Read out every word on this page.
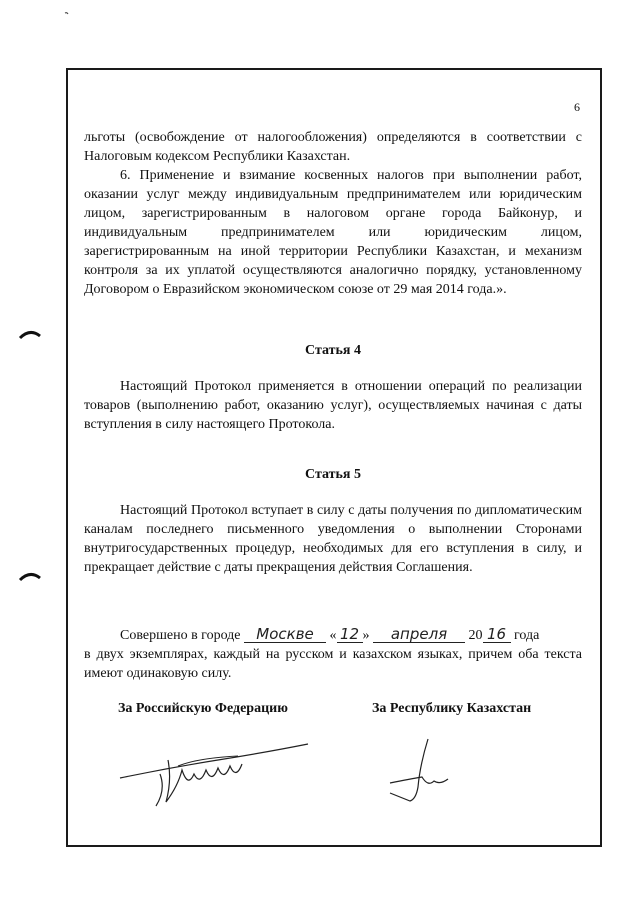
6
льготы (освобождение от налогообложения) определяются в соответствии с Налоговым кодексом Республики Казахстан.
6. Применение и взимание косвенных налогов при выполнении работ, оказании услуг между индивидуальным предпринимателем или юридическим лицом, зарегистрированным в налоговом органе города Байконур, и индивидуальным предпринимателем или юридическим лицом, зарегистрированным на иной территории Республики Казахстан, и механизм контроля за их уплатой осуществляются аналогично порядку, установленному Договором о Евразийском экономическом союзе от 29 мая 2014 года.».
Статья 4
Настоящий Протокол применяется в отношении операций по реализации товаров (выполнению работ, оказанию услуг), осуществляемых начиная с даты вступления в силу настоящего Протокола.
Статья 5
Настоящий Протокол вступает в силу с даты получения по дипломатическим каналам последнего письменного уведомления о выполнении Сторонами внутригосударственных процедур, необходимых для его вступления в силу, и прекращает действие с даты прекращения действия Соглашения.
Совершено в городе Москве « 12 » апреля 20 16 года
в двух экземплярах, каждый на русском и казахском языках, причем оба текста имеют одинаковую силу.
За Российскую Федерацию	За Республику Казахстан
